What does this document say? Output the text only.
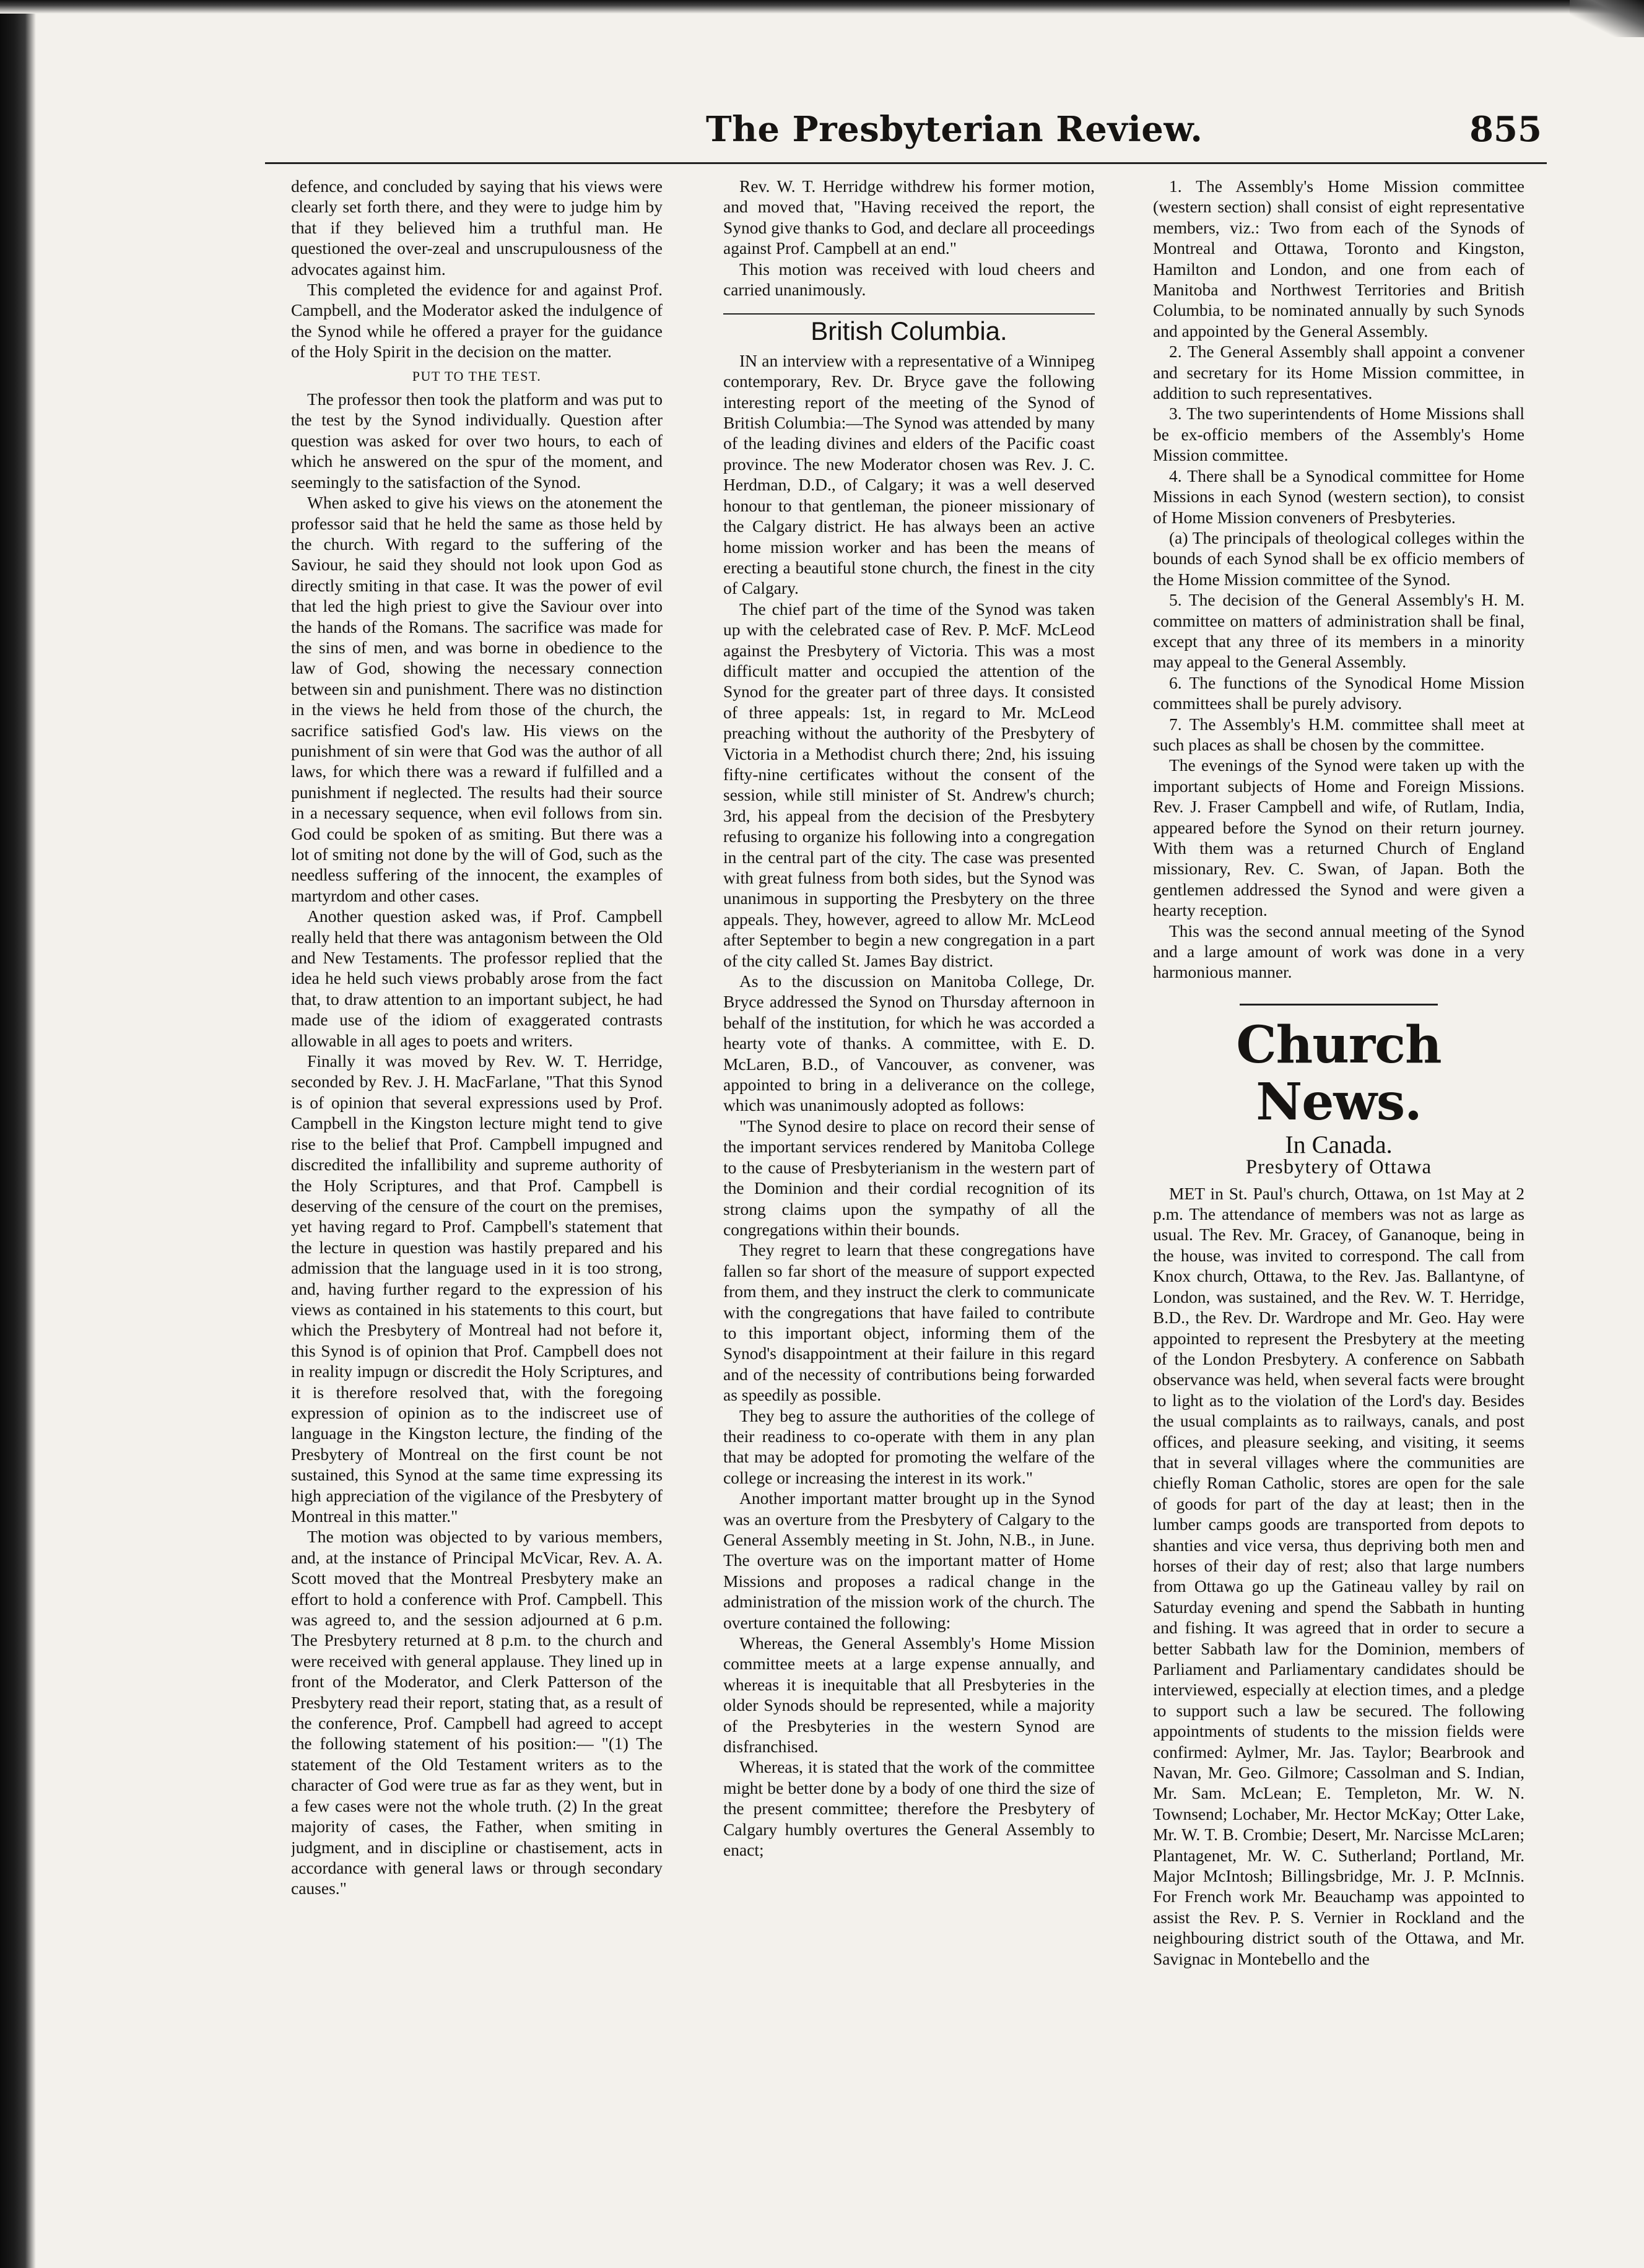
The Presbyterian Review.	855

defence, and concluded by saying that his views were clearly set forth there, and they were to judge him by that if they believed him a truthful man. He questioned the over-zeal and unscrupulousness of the advocates against him.

This completed the evidence for and against Prof. Campbell, and the Moderator asked the indulgence of the Synod while he offered a prayer for the guidance of the Holy Spirit in the decision on the matter.

PUT TO THE TEST.

The professor then took the platform and was put to the test by the Synod individually. Question after question was asked for over two hours, to each of which he answered on the spur of the moment, and seemingly to the satisfaction of the Synod.

When asked to give his views on the atonement the professor said that he held the same as those held by the church. With regard to the suffering of the Saviour, he said they should not look upon God as directly smiting in that case. It was the power of evil that led the high priest to give the Saviour over into the hands of the Romans. The sacrifice was made for the sins of men, and was borne in obedience to the law of God, showing the necessary connection between sin and punishment. There was no distinction in the views he held from those of the church, the sacrifice satisfied God's law. His views on the punishment of sin were that God was the author of all laws, for which there was a reward if fulfilled and a punishment if neglected. The results had their source in a necessary sequence, when evil follows from sin. God could be spoken of as smiting. But there was a lot of smiting not done by the will of God, such as the needless suffering of the innocent, the examples of martyrdom and other cases.

Another question asked was, if Prof. Campbell really held that there was antagonism between the Old and New Testaments. The professor replied that the idea he held such views probably arose from the fact that, to draw attention to an important subject, he had made use of the idiom of exaggerated contrasts allowable in all ages to poets and writers.

Finally it was moved by Rev. W. T. Herridge, seconded by Rev. J. H. MacFarlane, "That this Synod is of opinion that several expressions used by Prof. Campbell in the Kingston lecture might tend to give rise to the belief that Prof. Campbell impugned and discredited the infallibility and supreme authority of the Holy Scriptures, and that Prof. Campbell is deserving of the censure of the court on the premises, yet having regard to Prof. Campbell's statement that the lecture in question was hastily prepared and his admission that the language used in it is too strong, and, having further regard to the expression of his views as contained in his statements to this court, but which the Presbytery of Montreal had not before it, this Synod is of opinion that Prof. Campbell does not in reality impugn or discredit the Holy Scriptures, and it is therefore resolved that, with the foregoing expression of opinion as to the indiscreet use of language in the Kingston lecture, the finding of the Presbytery of Montreal on the first count be not sustained, this Synod at the same time expressing its high appreciation of the vigilance of the Presbytery of Montreal in this matter."

The motion was objected to by various members, and, at the instance of Principal McVicar, Rev. A. A. Scott moved that the Montreal Presbytery make an effort to hold a conference with Prof. Campbell. This was agreed to, and the session adjourned at 6 p.m. The Presbytery returned at 8 p.m. to the church and were received with general applause. They lined up in front of the Moderator, and Clerk Patterson of the Presbytery read their report, stating that, as a result of the conference, Prof. Campbell had agreed to accept the following statement of his position:— "(1) The statement of the Old Testament writers as to the character of God were true as far as they went, but in a few cases were not the whole truth. (2) In the great majority of cases, the Father, when smiting in judgment, and in discipline or chastisement, acts in accordance with general laws or through secondary causes."

Rev. W. T. Herridge withdrew his former motion, and moved that, "Having received the report, the Synod give thanks to God, and declare all proceedings against Prof. Campbell at an end."

This motion was received with loud cheers and carried unanimously.

British Columbia.

IN an interview with a representative of a Winnipeg contemporary, Rev. Dr. Bryce gave the following interesting report of the meeting of the Synod of British Columbia:—The Synod was attended by many of the leading divines and elders of the Pacific coast province. The new Moderator chosen was Rev. J. C. Herdman, D.D., of Calgary; it was a well deserved honour to that gentleman, the pioneer missionary of the Calgary district. He has always been an active home mission worker and has been the means of erecting a beautiful stone church, the finest in the city of Calgary.

The chief part of the time of the Synod was taken up with the celebrated case of Rev. P. McF. McLeod against the Presbytery of Victoria. This was a most difficult matter and occupied the attention of the Synod for the greater part of three days. It consisted of three appeals: 1st, in regard to Mr. McLeod preaching without the authority of the Presbytery of Victoria in a Methodist church there; 2nd, his issuing fifty-nine certificates without the consent of the session, while still minister of St. Andrew's church; 3rd, his appeal from the decision of the Presbytery refusing to organize his following into a congregation in the central part of the city. The case was presented with great fulness from both sides, but the Synod was unanimous in supporting the Presbytery on the three appeals. They, however, agreed to allow Mr. McLeod after September to begin a new congregation in a part of the city called St. James Bay district.

As to the discussion on Manitoba College, Dr. Bryce addressed the Synod on Thursday afternoon in behalf of the institution, for which he was accorded a hearty vote of thanks. A committee, with E. D. McLaren, B.D., of Vancouver, as convener, was appointed to bring in a deliverance on the college, which was unanimously adopted as follows:

"The Synod desire to place on record their sense of the important services rendered by Manitoba College to the cause of Presbyterianism in the western part of the Dominion and their cordial recognition of its strong claims upon the sympathy of all the congregations within their bounds.

They regret to learn that these congregations have fallen so far short of the measure of support expected from them, and they instruct the clerk to communicate with the congregations that have failed to contribute to this important object, informing them of the Synod's disappointment at their failure in this regard and of the necessity of contributions being forwarded as speedily as possible.

They beg to assure the authorities of the college of their readiness to co-operate with them in any plan that may be adopted for promoting the welfare of the college or increasing the interest in its work."

Another important matter brought up in the Synod was an overture from the Presbytery of Calgary to the General Assembly meeting in St. John, N.B., in June. The overture was on the important matter of Home Missions and proposes a radical change in the administration of the mission work of the church. The overture contained the following:

Whereas, the General Assembly's Home Mission committee meets at a large expense annually, and whereas it is inequitable that all Presbyteries in the older Synods should be represented, while a majority of the Presbyteries in the western Synod are disfranchised.

Whereas, it is stated that the work of the committee might be better done by a body of one third the size of the present committee; therefore the Presbytery of Calgary humbly overtures the General Assembly to enact;

1. The Assembly's Home Mission committee (western section) shall consist of eight representative members, viz.: Two from each of the Synods of Montreal and Ottawa, Toronto and Kingston, Hamilton and London, and one from each of Manitoba and Northwest Territories and British Columbia, to be nominated annually by such Synods and appointed by the General Assembly.

2. The General Assembly shall appoint a convener and secretary for its Home Mission committee, in addition to such representatives.

3. The two superintendents of Home Missions shall be ex-officio members of the Assembly's Home Mission committee.

4. There shall be a Synodical committee for Home Missions in each Synod (western section), to consist of Home Mission conveners of Presbyteries.

(a) The principals of theological colleges within the bounds of each Synod shall be ex officio members of the Home Mission committee of the Synod.

5. The decision of the General Assembly's H. M. committee on matters of administration shall be final, except that any three of its members in a minority may appeal to the General Assembly.

6. The functions of the Synodical Home Mission committees shall be purely advisory.

7. The Assembly's H.M. committee shall meet at such places as shall be chosen by the committee.

The evenings of the Synod were taken up with the important subjects of Home and Foreign Missions. Rev. J. Fraser Campbell and wife, of Rutlam, India, appeared before the Synod on their return journey. With them was a returned Church of England missionary, Rev. C. Swan, of Japan. Both the gentlemen addressed the Synod and were given a hearty reception.

This was the second annual meeting of the Synod and a large amount of work was done in a very harmonious manner.

Church News.
In Canada.
Presbytery of Ottawa

MET in St. Paul's church, Ottawa, on 1st May at 2 p.m. The attendance of members was not as large as usual. The Rev. Mr. Gracey, of Gananoque, being in the house, was invited to correspond. The call from Knox church, Ottawa, to the Rev. Jas. Ballantyne, of London, was sustained, and the Rev. W. T. Herridge, B.D., the Rev. Dr. Wardrope and Mr. Geo. Hay were appointed to represent the Presbytery at the meeting of the London Presbytery. A conference on Sabbath observance was held, when several facts were brought to light as to the violation of the Lord's day. Besides the usual complaints as to railways, canals, and post offices, and pleasure seeking, and visiting, it seems that in several villages where the communities are chiefly Roman Catholic, stores are open for the sale of goods for part of the day at least; then in the lumber camps goods are transported from depots to shanties and vice versa, thus depriving both men and horses of their day of rest; also that large numbers from Ottawa go up the Gatineau valley by rail on Saturday evening and spend the Sabbath in hunting and fishing. It was agreed that in order to secure a better Sabbath law for the Dominion, members of Parliament and Parliamentary candidates should be interviewed, especially at election times, and a pledge to support such a law be secured. The following appointments of students to the mission fields were confirmed: Aylmer, Mr. Jas. Taylor; Bearbrook and Navan, Mr. Geo. Gilmore; Cassolman and S. Indian, Mr. Sam. McLean; E. Templeton, Mr. W. N. Townsend; Lochaber, Mr. Hector McKay; Otter Lake, Mr. W. T. B. Crombie; Desert, Mr. Narcisse McLaren; Plantagenet, Mr. W. C. Sutherland; Portland, Mr. Major McIntosh; Billingsbridge, Mr. J. P. McInnis. For French work Mr. Beauchamp was appointed to assist the Rev. P. S. Vernier in Rockland and the neighbouring district south of the Ottawa, and Mr. Savignac in Montebello and the
